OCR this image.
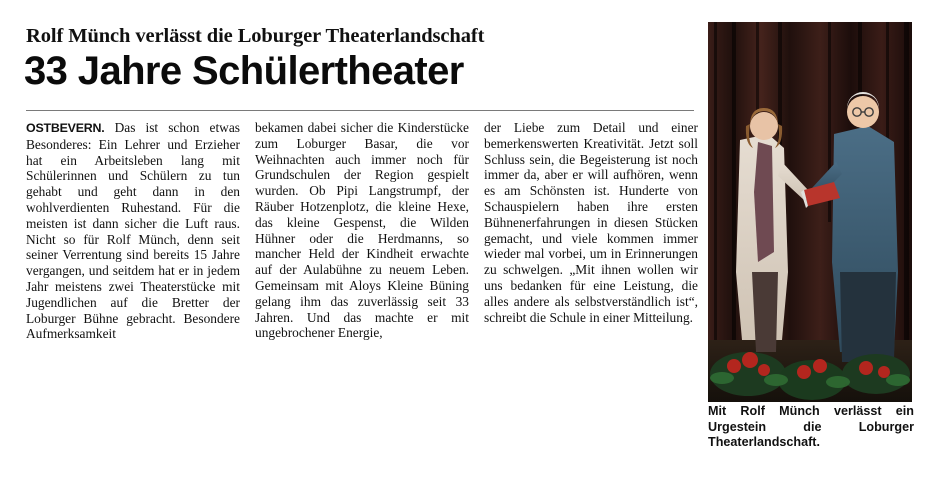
Rolf Münch verlässt die Loburger Theaterlandschaft
33 Jahre Schülertheater

OSTBEVERN. Das ist schon etwas Besonderes: Ein Lehrer und Erzieher hat ein Arbeitsleben lang mit Schülerinnen und Schülern zu tun gehabt und geht dann in den wohlverdienten Ruhestand. Für die meisten ist dann sicher die Luft raus. Nicht so für Rolf Münch, denn seit seiner Verrentung sind bereits 15 Jahre vergangen, und seitdem hat er in jedem Jahr meistens zwei Theaterstücke mit Jugendlichen auf die Bretter der Loburger Bühne gebracht. Besondere Aufmerksamkeit

bekamen dabei sicher die Kinderstücke zum Loburger Basar, die vor Weihnachten auch immer noch für Grundschulen der Region gespielt wurden. Ob Pipi Langstrumpf, der Räuber Hotzenplotz, die kleine Hexe, das kleine Gespenst, die Wilden Hühner oder die Herdmanns, so mancher Held der Kindheit erwachte auf der Aulabühne zu neuem Leben. Gemeinsam mit Aloys Kleine Büning gelang ihm das zuverlässig seit 33 Jahren. Und das machte er mit ungebrochener Energie,

der Liebe zum Detail und einer bemerkenswerten Kreativität. Jetzt soll Schluss sein, die Begeisterung ist noch immer da, aber er will aufhören, wenn es am Schönsten ist. Hunderte von Schauspielern haben ihre ersten Bühnenerfahrungen in diesen Stücken gemacht, und viele kommen immer wieder mal vorbei, um in Erinnerungen zu schwelgen. „Mit ihnen wollen wir uns bedanken für eine Leistung, die alles andere als selbstverständlich ist“, schreibt die Schule in einer Mitteilung.

Mit Rolf Münch verlässt ein Urgestein die Loburger Theaterlandschaft.
